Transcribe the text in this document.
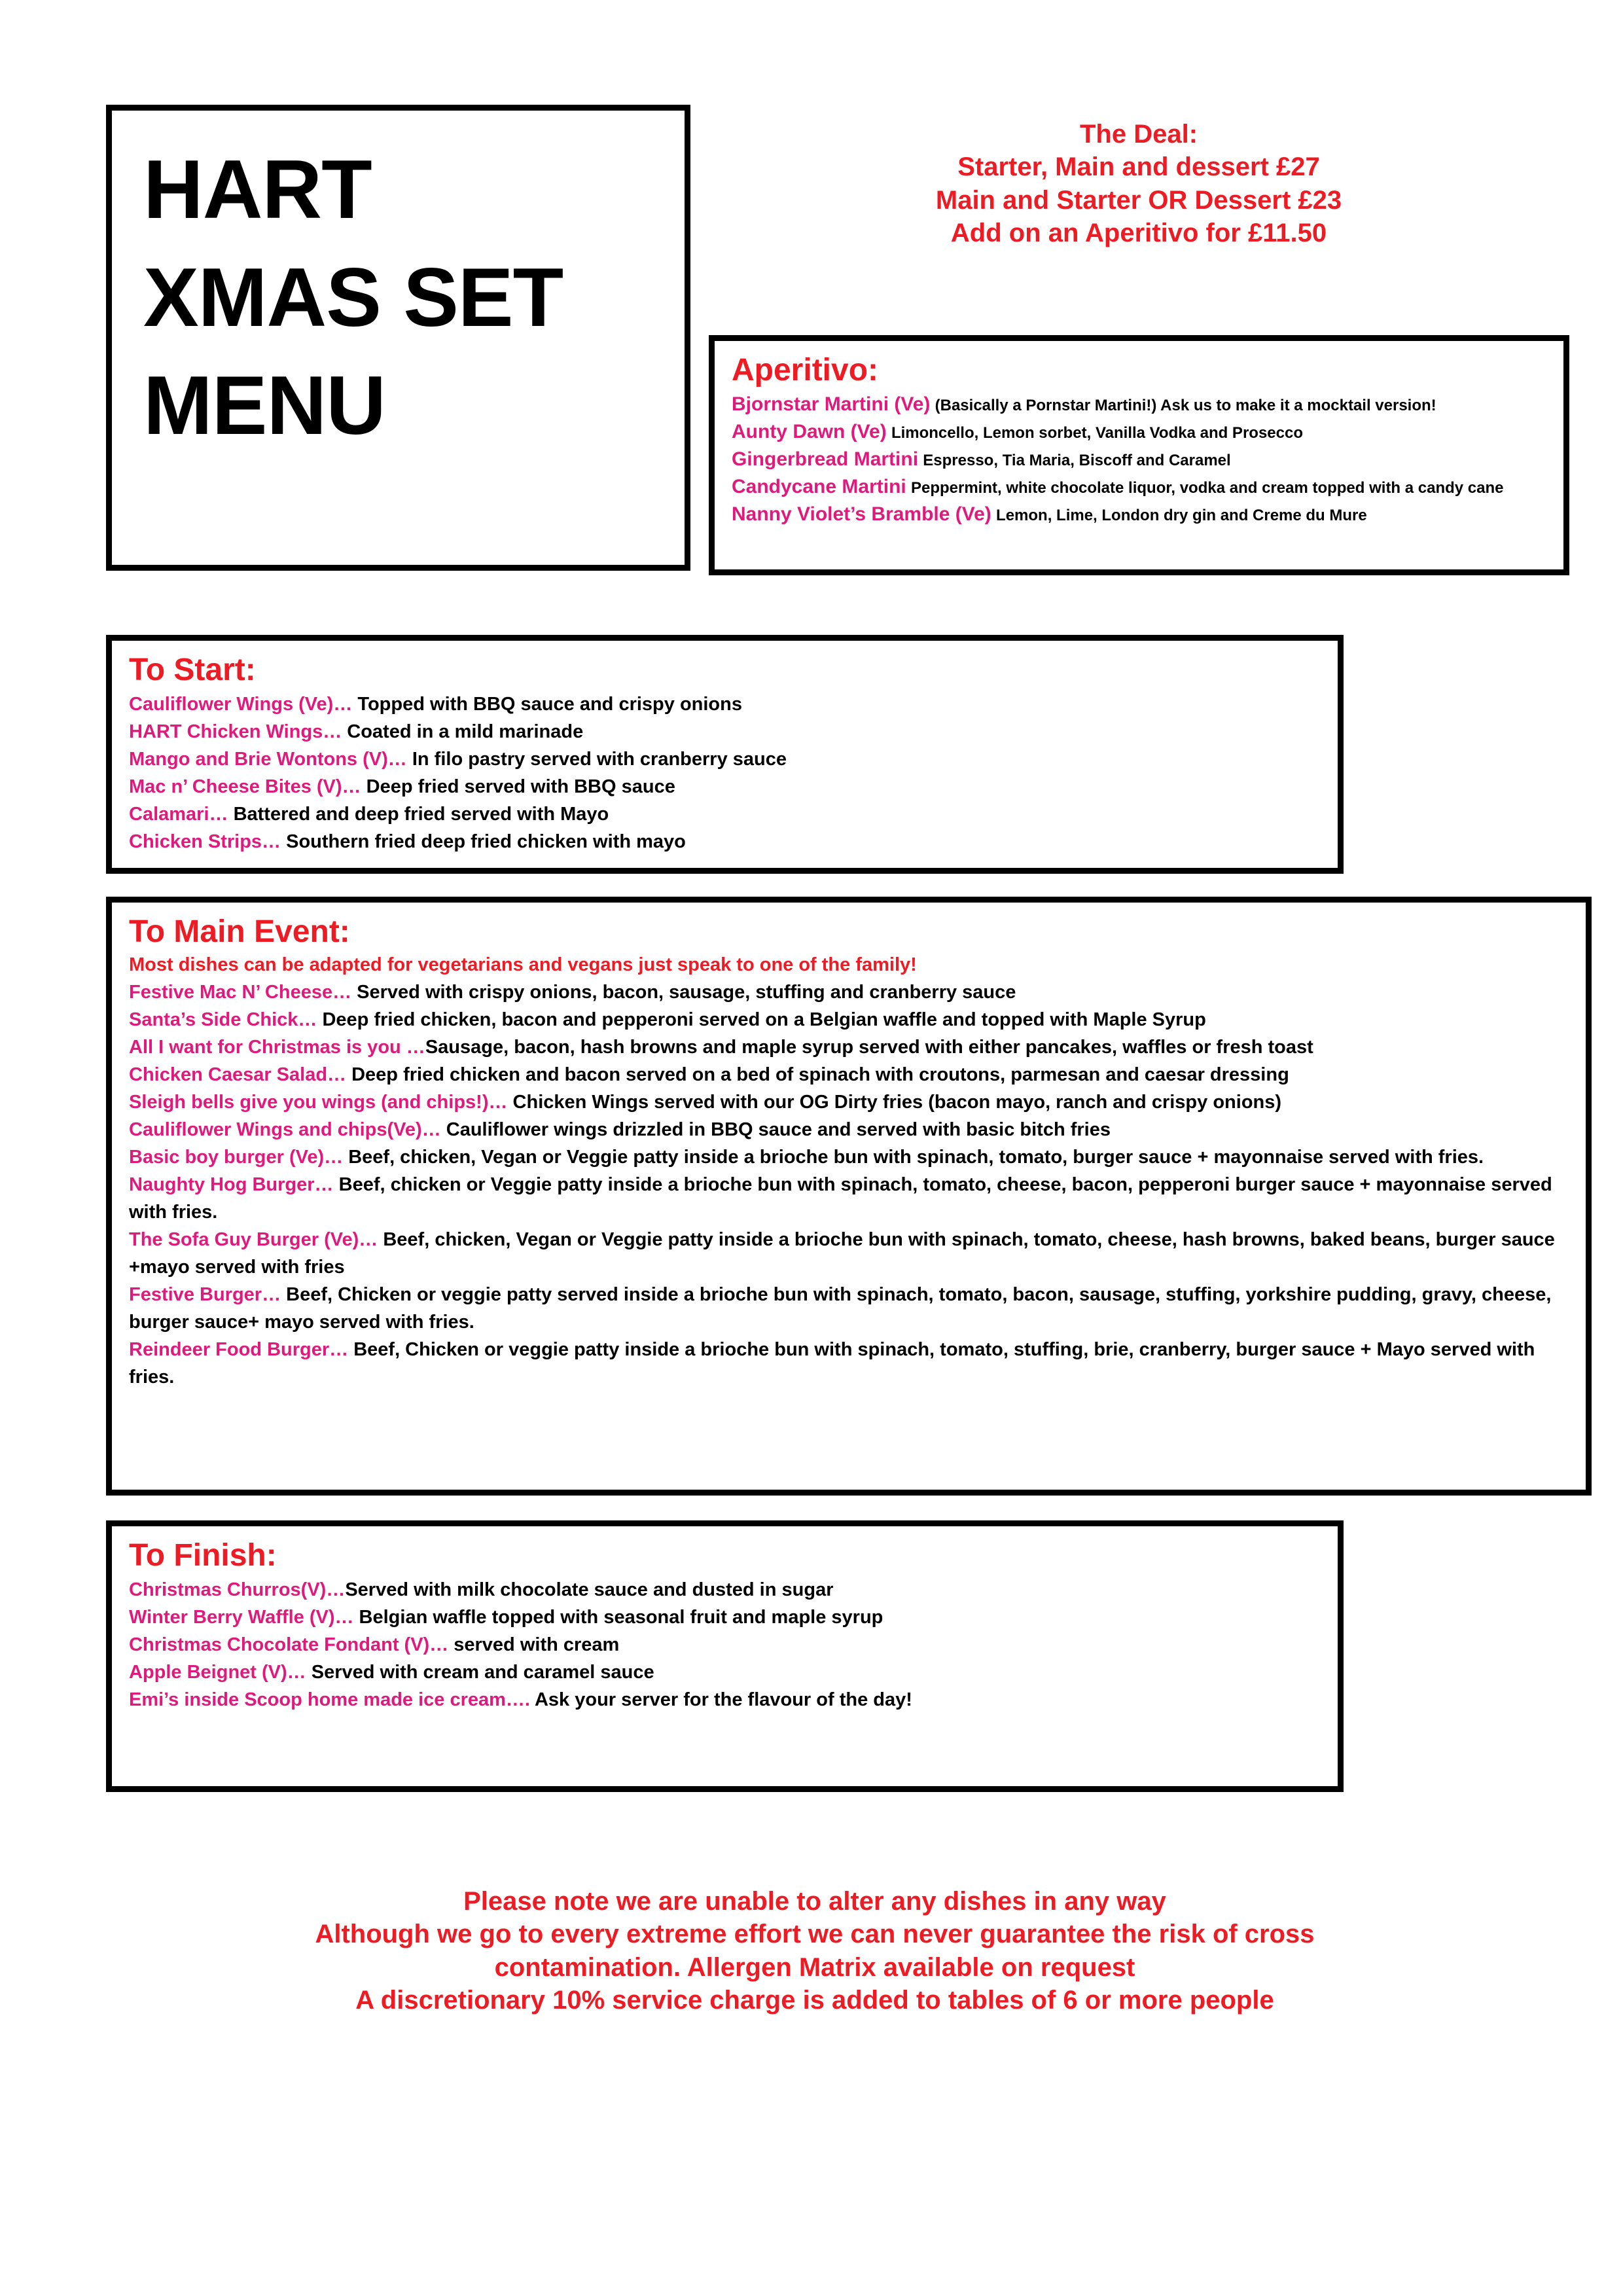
HART
XMAS SET
MENU
The Deal:
Starter, Main and dessert £27
Main and Starter OR Dessert £23
Add on an Aperitivo for £11.50
Aperitivo:
Bjornstar Martini (Ve) (Basically a Pornstar Martini!) Ask us to make it a mocktail version!
Aunty Dawn (Ve) Limoncello, Lemon sorbet, Vanilla Vodka and Prosecco
Gingerbread Martini Espresso, Tia Maria, Biscoff and Caramel
Candycane Martini Peppermint, white chocolate liquor, vodka and cream topped with a candy cane
Nanny Violet’s Bramble (Ve) Lemon, Lime, London dry gin and Creme du Mure
To Start:
Cauliflower Wings (Ve)… Topped with BBQ sauce and crispy onions
HART Chicken Wings… Coated in a mild marinade
Mango and Brie Wontons (V)… In filo pastry served with cranberry sauce
Mac n’ Cheese Bites (V)… Deep fried served with BBQ sauce
Calamari… Battered and deep fried served with Mayo
Chicken Strips… Southern fried deep fried chicken with mayo
To Main Event:
Most dishes can be adapted for vegetarians and vegans just speak to one of the family!
Festive Mac N’ Cheese… Served with crispy onions, bacon, sausage, stuffing and cranberry sauce
Santa’s Side Chick… Deep fried chicken, bacon and pepperoni served on a Belgian waffle and topped with Maple Syrup
All I want for Christmas is you …Sausage, bacon, hash browns and maple syrup served with either pancakes, waffles or fresh toast
Chicken Caesar Salad… Deep fried chicken and bacon served on a bed of spinach with croutons, parmesan and caesar dressing
Sleigh bells give you wings (and chips!)… Chicken Wings served with our OG Dirty fries (bacon mayo, ranch and crispy onions)
Cauliflower Wings and chips(Ve)… Cauliflower wings drizzled in BBQ sauce and served with basic bitch fries
Basic boy burger (Ve)… Beef, chicken, Vegan or Veggie patty inside a brioche bun with spinach, tomato, burger sauce + mayonnaise served with fries.
Naughty Hog Burger… Beef, chicken or Veggie patty inside a brioche bun with spinach, tomato, cheese, bacon, pepperoni burger sauce + mayonnaise served with fries.
The Sofa Guy Burger (Ve)… Beef, chicken, Vegan or Veggie patty inside a brioche bun with spinach, tomato, cheese, hash browns, baked beans, burger sauce +mayo served with fries
Festive Burger… Beef, Chicken or veggie patty served inside a brioche bun with spinach, tomato, bacon, sausage, stuffing, yorkshire pudding, gravy, cheese, burger sauce+ mayo served with fries.
Reindeer Food Burger… Beef, Chicken or veggie patty inside a brioche bun with spinach, tomato, stuffing, brie, cranberry, burger sauce + Mayo served with fries.
To Finish:
Christmas Churros(V)…Served with milk chocolate sauce and dusted in sugar
Winter Berry Waffle (V)… Belgian waffle topped with seasonal fruit and maple syrup
Christmas Chocolate Fondant (V)… served with cream
Apple Beignet (V)… Served with cream and caramel sauce
Emi’s inside Scoop home made ice cream…. Ask your server for the flavour of the day!
Please note we are unable to alter any dishes in any way
Although we go to every extreme effort we can never guarantee the risk of cross
contamination. Allergen Matrix available on request
A discretionary 10% service charge is added to tables of 6 or more people
